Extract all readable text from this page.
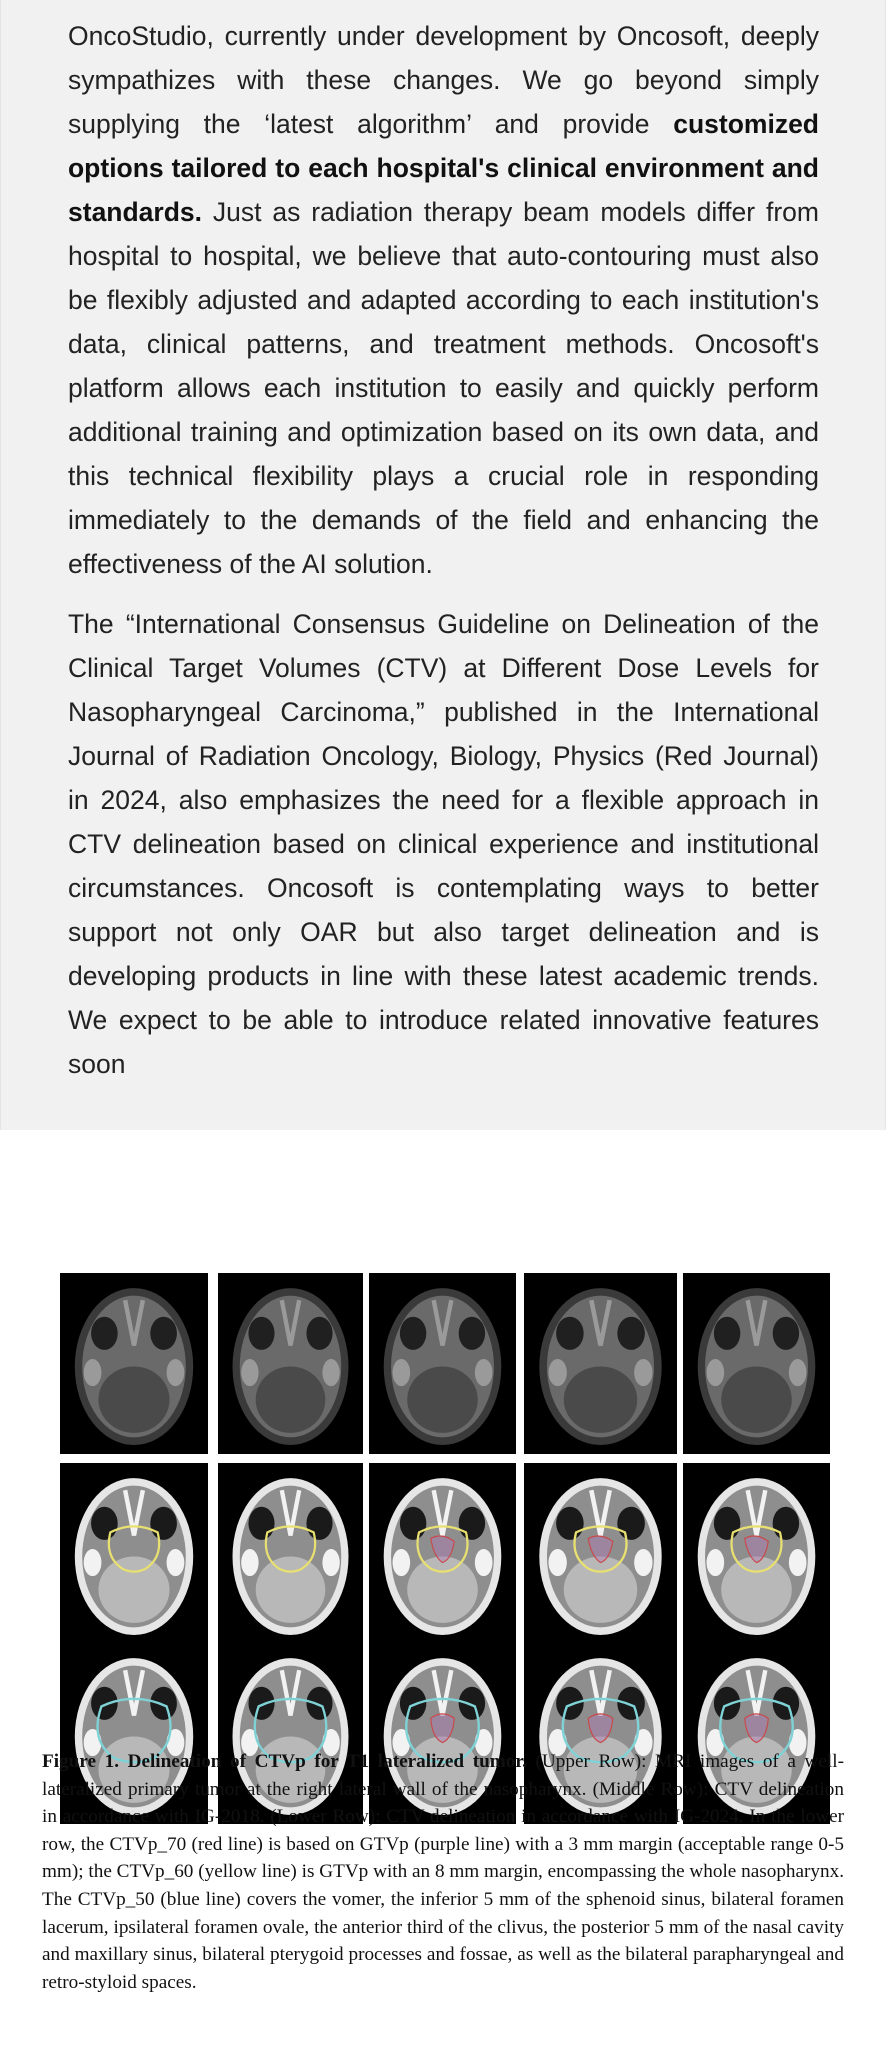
OncoStudio, currently under development by Oncosoft, deeply sympathizes with these changes. We go beyond simply supplying the ‘latest algorithm’ and provide customized options tailored to each hospital's clinical environment and standards. Just as radiation therapy beam models differ from hospital to hospital, we believe that auto-contouring must also be flexibly adjusted and adapted according to each institution's data, clinical patterns, and treatment methods. Oncosoft's platform allows each institution to easily and quickly perform additional training and optimization based on its own data, and this technical flexibility plays a crucial role in responding immediately to the demands of the field and enhancing the effectiveness of the AI solution.

The “International Consensus Guideline on Delineation of the Clinical Target Volumes (CTV) at Different Dose Levels for Nasopharyngeal Carcinoma,” published in the International Journal of Radiation Oncology, Biology, Physics (Red Journal) in 2024, also emphasizes the need for a flexible approach in CTV delineation based on clinical experience and institutional circumstances. Oncosoft is contemplating ways to better support not only OAR but also target delineation and is developing products in line with these latest academic trends. We expect to be able to introduce related innovative features soon

Figure 1. Delineation of CTVp for T1 lateralized tumor. (Upper Row): MRI images of a well-lateralized primary tumor at the right lateral wall of the nasopharynx. (Middle Row): CTV delineation in accordance with IG-2018. (Lower Row): CTV delineation in accordance with IG-2024. In the lower row, the CTVp_70 (red line) is based on GTVp (purple line) with a 3 mm margin (acceptable range 0-5 mm); the CTVp_60 (yellow line) is GTVp with an 8 mm margin, encompassing the whole nasopharynx. The CTVp_50 (blue line) covers the vomer, the inferior 5 mm of the sphenoid sinus, bilateral foramen lacerum, ipsilateral foramen ovale, the anterior third of the clivus, the posterior 5 mm of the nasal cavity and maxillary sinus, bilateral pterygoid processes and fossae, as well as the bilateral parapharyngeal and retro-styloid spaces.
